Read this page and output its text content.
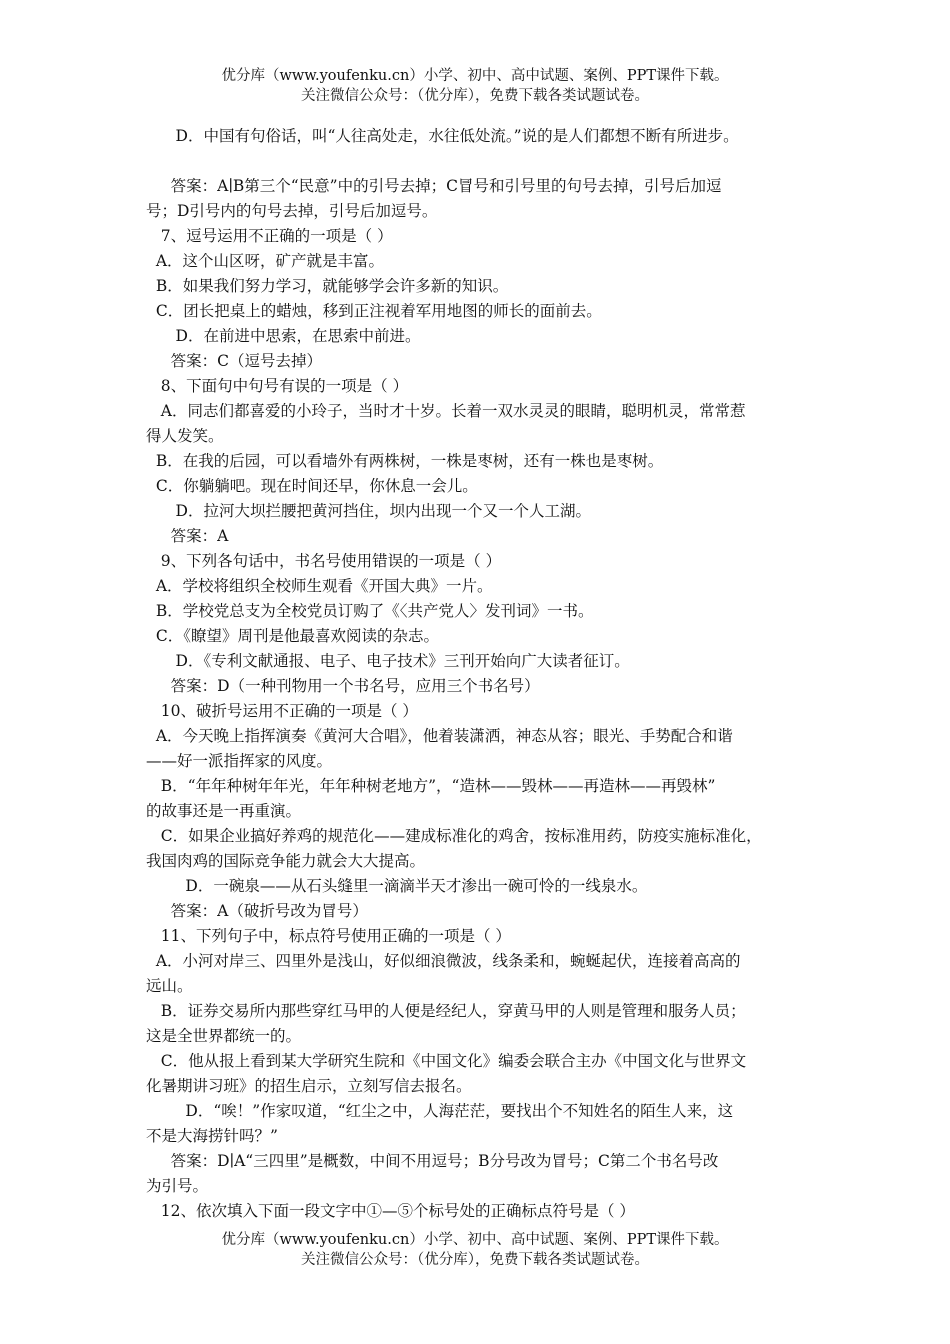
优分库（www.youfenku.cn）小学、初中、高中试题、案例、PPT课件下载。
关注微信公众号：（优分库），免费下载各类试题试卷。
D．中国有句俗话，叫“人往高处走，水往低处流。”说的是人们都想不断有所进步。
答案：A∣B第三个“民意”中的引号去掉；C冒号和引号里的句号去掉，引号后加逗
号；D引号内的句号去掉，引号后加逗号。
7、逗号运用不正确的一项是（ ）
A．这个山区呀，矿产就是丰富。
B．如果我们努力学习，就能够学会许多新的知识。
C．团长把桌上的蜡烛，移到正注视着军用地图的师长的面前去。
D．在前进中思索，在思索中前进。
答案：C（逗号去掉）
8、下面句中句号有误的一项是（ ）
A．同志们都喜爱的小玲子，当时才十岁。长着一双水灵灵的眼睛，聪明机灵，常常惹
得人发笑。
B．在我的后园，可以看墙外有两株树，一株是枣树，还有一株也是枣树。
C．你躺躺吧。现在时间还早，你休息一会儿。
D．拉河大坝拦腰把黄河挡住，坝内出现一个又一个人工湖。
答案：A
9、下列各句话中，书名号使用错误的一项是（ ）
A．学校将组织全校师生观看《开国大典》一片。
B．学校党总支为全校党员订购了《〈共产党人〉发刊词》一书。
C．《瞭望》周刊是他最喜欢阅读的杂志。
D．《专利文献通报、电子、电子技术》三刊开始向广大读者征订。
答案：D（一种刊物用一个书名号，应用三个书名号）
10、破折号运用不正确的一项是（ ）
A．今天晚上指挥演奏《黄河大合唱》，他着装潇洒，神态从容；眼光、手势配合和谐
——好一派指挥家的风度。
B．“年年种树年年光，年年种树老地方”，“造林——毁林——再造林——再毁林”
的故事还是一再重演。
C．如果企业搞好养鸡的规范化——建成标准化的鸡舍，按标准用药，防疫实施标准化，
我国肉鸡的国际竞争能力就会大大提高。
D．一碗泉——从石头缝里一滴滴半天才渗出一碗可怜的一线泉水。
答案：A（破折号改为冒号）
11、下列句子中，标点符号使用正确的一项是（ ）
A．小河对岸三、四里外是浅山，好似细浪微波，线条柔和，蜿蜒起伏，连接着高高的
远山。
B．证券交易所内那些穿红马甲的人便是经纪人，穿黄马甲的人则是管理和服务人员；
这是全世界都统一的。
C．他从报上看到某大学研究生院和《中国文化》编委会联合主办《中国文化与世界文
化暑期讲习班》的招生启示，立刻写信去报名。
D．“唉！”作家叹道，“红尘之中，人海茫茫，要找出个不知姓名的陌生人来，这
不是大海捞针吗？”
答案：D∣A“三四里”是概数，中间不用逗号；B分号改为冒号；C第二个书名号改
为引号。
12、依次填入下面一段文字中①—⑤个标号处的正确标点符号是（ ）
优分库（www.youfenku.cn）小学、初中、高中试题、案例、PPT课件下载。
关注微信公众号：（优分库），免费下载各类试题试卷。
